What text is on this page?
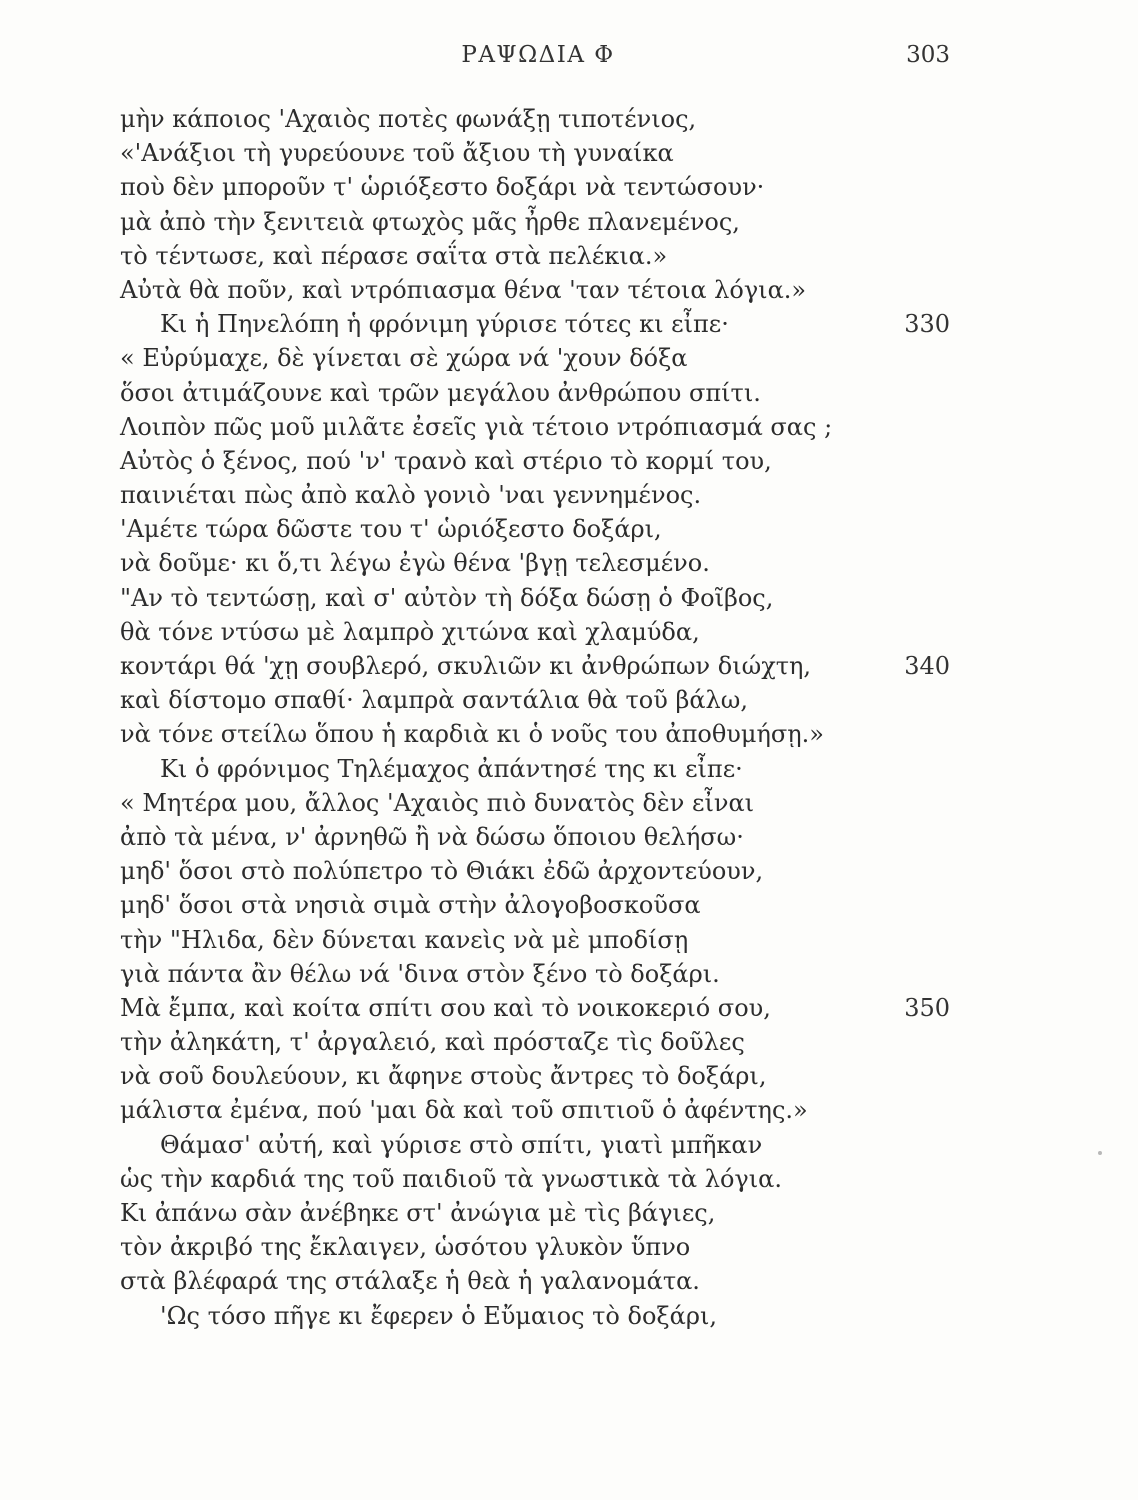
ΡΑΨΩΔΙΑ Φ	303
μὴν κάποιος 'Αχαιὸς ποτὲς φωνάξῃ τιποτένιος,
«'Ανάξιοι τὴ γυρεύουνε τοῦ ἄξιου τὴ γυναίκα
ποὺ δὲν μποροῦν τ' ὡριόξεστο δοξάρι νὰ τεντώσουν·
μὰ ἀπὸ τὴν ξενιτειὰ φτωχὸς μᾶς ἦρθε πλανεμένος,
τὸ τέντωσε, καὶ πέρασε σαΐτα στὰ πελέκια.»
Αὐτὰ θὰ ποῦν, καὶ ντρόπιασμα θένα 'ταν τέτοια λόγια.»
Κι ἡ Πηνελόπη ἡ φρόνιμη γύρισε τότες κι εἶπε·	330
« Εὐρύμαχε, δὲ γίνεται σὲ χώρα νά 'χουν δόξα
ὅσοι ἀτιμάζουνε καὶ τρῶν μεγάλου ἀνθρώπου σπίτι.
Λοιπὸν πῶς μοῦ μιλᾶτε ἐσεῖς γιὰ τέτοιο ντρόπιασμά σας ;
Αὐτὸς ὁ ξένος, πού 'ν' τρανὸ καὶ στέριο τὸ κορμί του,
παινιέται πὼς ἀπὸ καλὸ γονιὸ 'ναι γεννημένος.
'Αμέτε τώρα δῶστε του τ' ὡριόξεστο δοξάρι,
νὰ δοῦμε· κι ὅ,τι λέγω ἐγὼ θένα 'βγῃ τελεσμένο.
"Αν τὸ τεντώσῃ, καὶ σ' αὐτὸν τὴ δόξα δώσῃ ὁ Φοῖβος,
θὰ τόνε ντύσω μὲ λαμπρὸ χιτώνα καὶ χλαμύδα,
κοντάρι θά 'χῃ σουβλερό, σκυλιῶν κι ἀνθρώπων διώχτη,	340
καὶ δίστομο σπαθί· λαμπρὰ σαντάλια θὰ τοῦ βάλω,
νὰ τόνε στείλω ὅπου ἡ καρδιὰ κι ὁ νοῦς του ἀποθυμήσῃ.»
Κι ὁ φρόνιμος Τηλέμαχος ἀπάντησέ της κι εἶπε·
« Μητέρα μου, ἄλλος 'Αχαιὸς πιὸ δυνατὸς δὲν εἶναι
ἀπὸ τὰ μένα, ν' ἀρνηθῶ ἢ νὰ δώσω ὅποιου θελήσω·
μηδ' ὅσοι στὸ πολύπετρο τὸ Θιάκι ἐδῶ ἀρχοντεύουν,
μηδ' ὅσοι στὰ νησιὰ σιμὰ στὴν ἀλογοβοσκοῦσα
τὴν "Ηλιδα, δὲν δύνεται κανεὶς νὰ μὲ μποδίσῃ
γιὰ πάντα ἂν θέλω νά 'δινα στὸν ξένο τὸ δοξάρι.
Μὰ ἔμπα, καὶ κοίτα σπίτι σου καὶ τὸ νοικοκεριό σου,	350
τὴν ἀληκάτη, τ' ἀργαλειό, καὶ πρόσταζε τὶς δοῦλες
νὰ σοῦ δουλεύουν, κι ἄφηνε στοὺς ἄντρες τὸ δοξάρι,
μάλιστα ἐμένα, πού 'μαι δὰ καὶ τοῦ σπιτιοῦ ὁ ἀφέντης.»
Θάμασ' αὐτή, καὶ γύρισε στὸ σπίτι, γιατὶ μπῆκαν
ὡς τὴν καρδιά της τοῦ παιδιοῦ τὰ γνωστικὰ τὰ λόγια.
Κι ἀπάνω σὰν ἀνέβηκε στ' ἀνώγια μὲ τὶς βάγιες,
τὸν ἀκριβό της ἔκλαιγεν, ὡσότου γλυκὸν ὕπνο
στὰ βλέφαρά της στάλαξε ἡ θεὰ ἡ γαλανομάτα.
'Ως τόσο πῆγε κι ἔφερεν ὁ Εὔμαιος τὸ δοξάρι,
